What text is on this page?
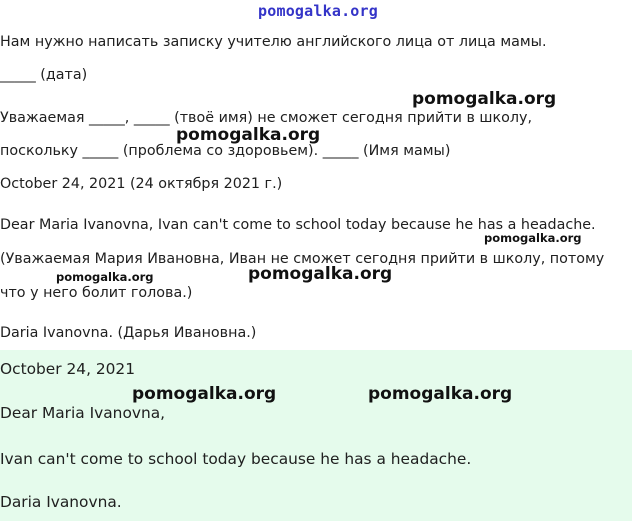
pomogalka.org
Нам нужно написать записку учителю английского лица от лица мамы.
_____ (дата)
Уважаемая _____, _____ (твоё имя) не сможет сегодня прийти в школу,
поскольку _____ (проблема со здоровьем). _____ (Имя мамы)
October 24, 2021 (24 октября 2021 г.)
Dear Maria Ivanovna, Ivan can't come to school today because he has a headache.
(Уважаемая Мария Ивановна, Иван не сможет сегодня прийти в школу, потому
что у него болит голова.)
Daria Ivanovna. (Дарья Ивановна.)
October 24, 2021
Dear Maria Ivanovna,
Ivan can't come to school today because he has a headache.
Daria Ivanovna.
pomogalka.org
pomogalka.org
pomogalka.org
pomogalka.org	pomogalka.org
pomogalka.org	pomogalka.org
